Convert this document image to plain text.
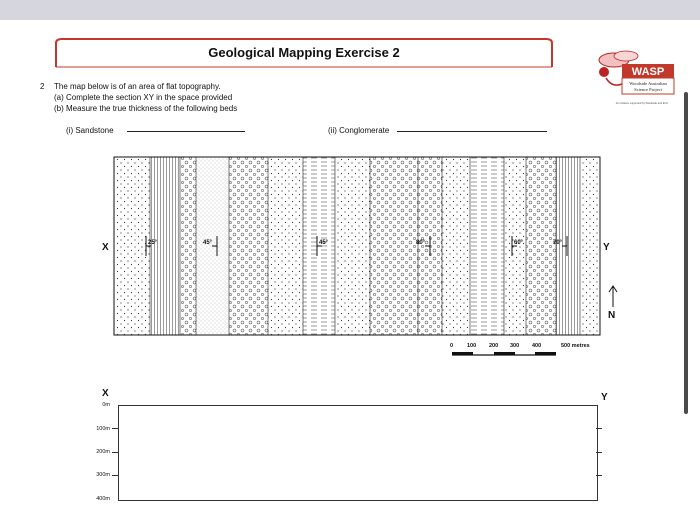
Geological Mapping Exercise 2
WASP
Woodside Australian
Science Project
An initiative supported by Woodside and ECU
2 The map below is of an area of flat topography.
(a) Complete the section XY in the space provided
(b) Measure the true thickness of the following beds
(i) Sandstone	(ii) Conglomerate
25°	45°	45°	80°	60°	70°
X	Y
N
0	100 200 300 400	500 metres
X	Y
0m
100m
200m
300m
400m
